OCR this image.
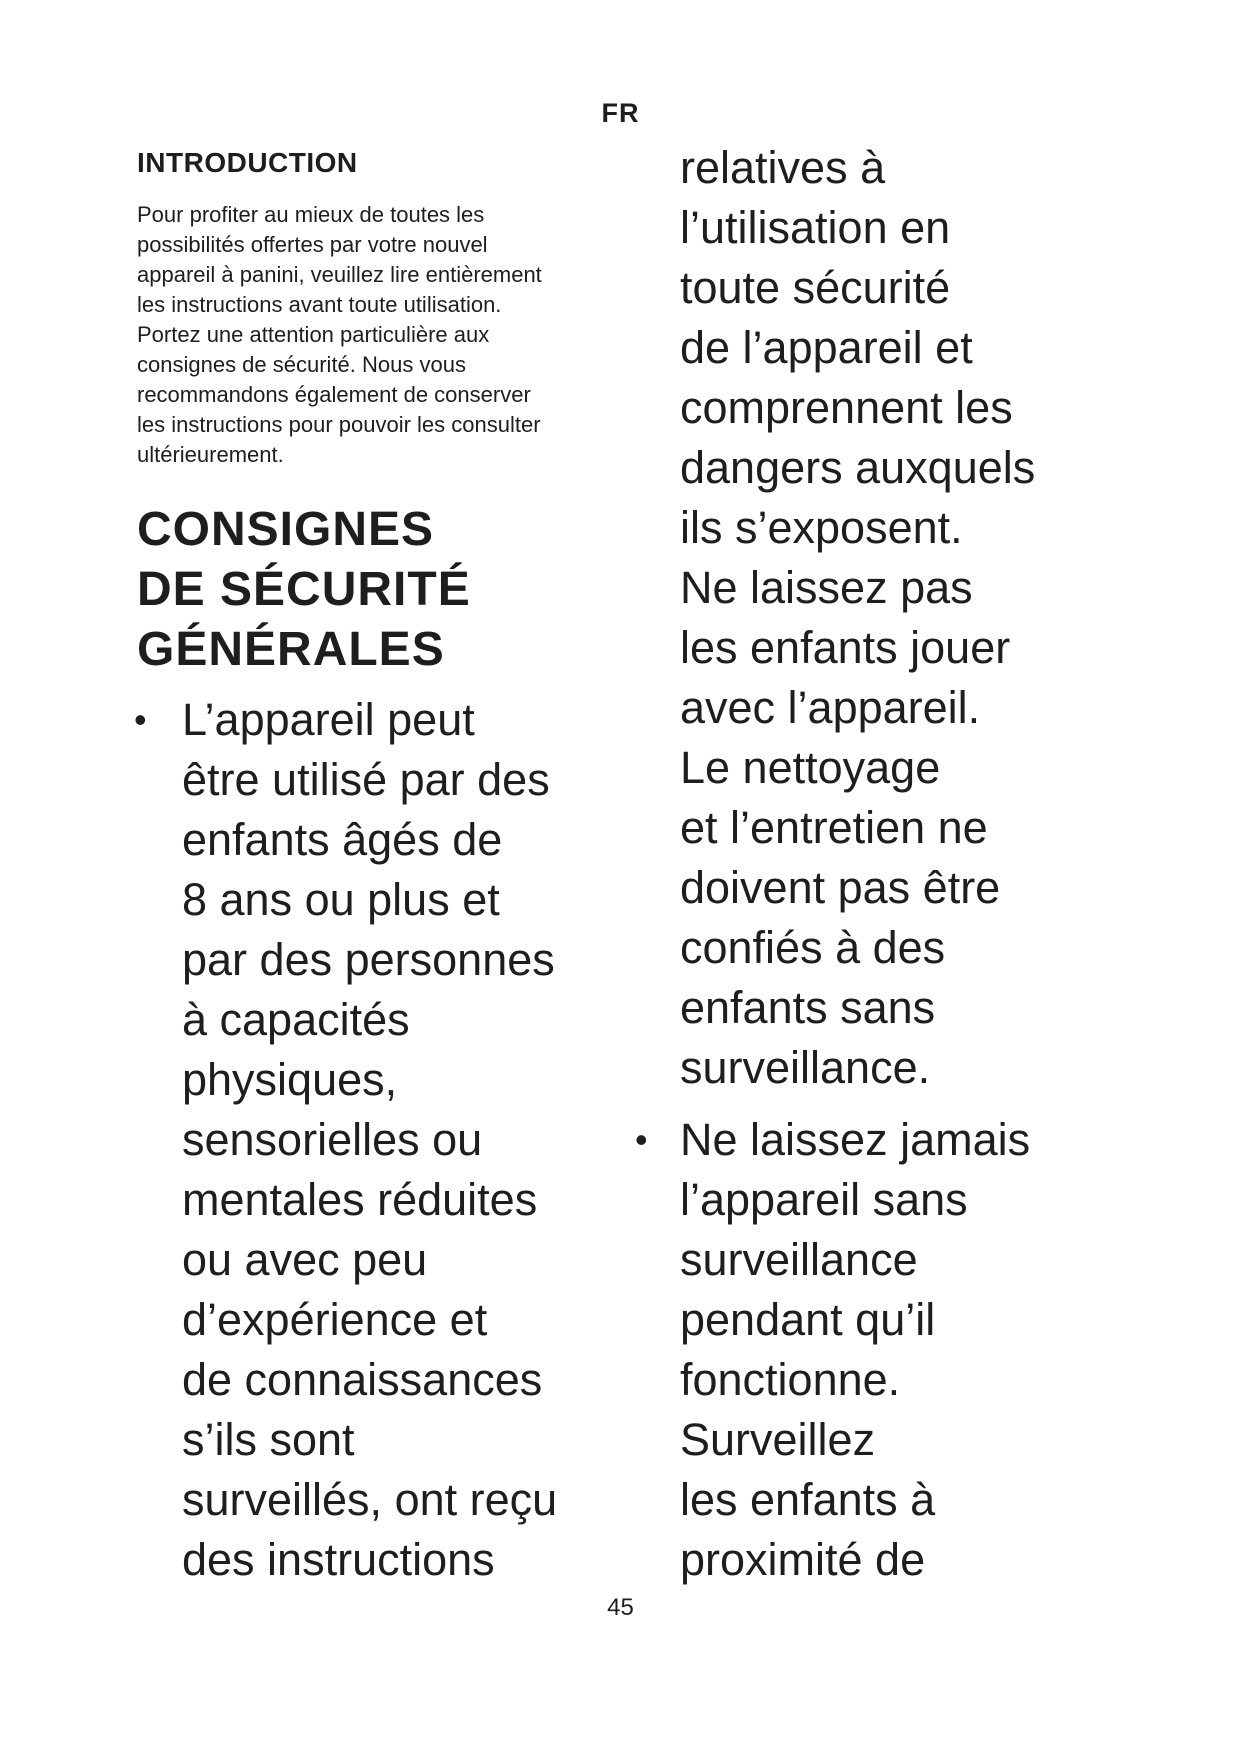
FR

INTRODUCTION

Pour profiter au mieux de toutes les
possibilités offertes par votre nouvel
appareil à panini, veuillez lire entièrement
les instructions avant toute utilisation.
Portez une attention particulière aux
consignes de sécurité. Nous vous
recommandons également de conserver
les instructions pour pouvoir les consulter
ultérieurement.

CONSIGNES
DE SÉCURITÉ
GÉNÉRALES
• L’appareil peut
être utilisé par des
enfants âgés de
8 ans ou plus et
par des personnes
à capacités
physiques,
sensorielles ou
mentales réduites
ou avec peu
d’expérience et
de connaissances
s’ils sont
surveillés, ont reçu
des instructions
relatives à
l’utilisation en
toute sécurité
de l’appareil et
comprennent les
dangers auxquels
ils s’exposent.
Ne laissez pas
les enfants jouer
avec l’appareil.
Le nettoyage
et l’entretien ne
doivent pas être
confiés à des
enfants sans
surveillance.
• Ne laissez jamais
l’appareil sans
surveillance
pendant qu’il
fonctionne.
Surveillez
les enfants à
proximité de

45
